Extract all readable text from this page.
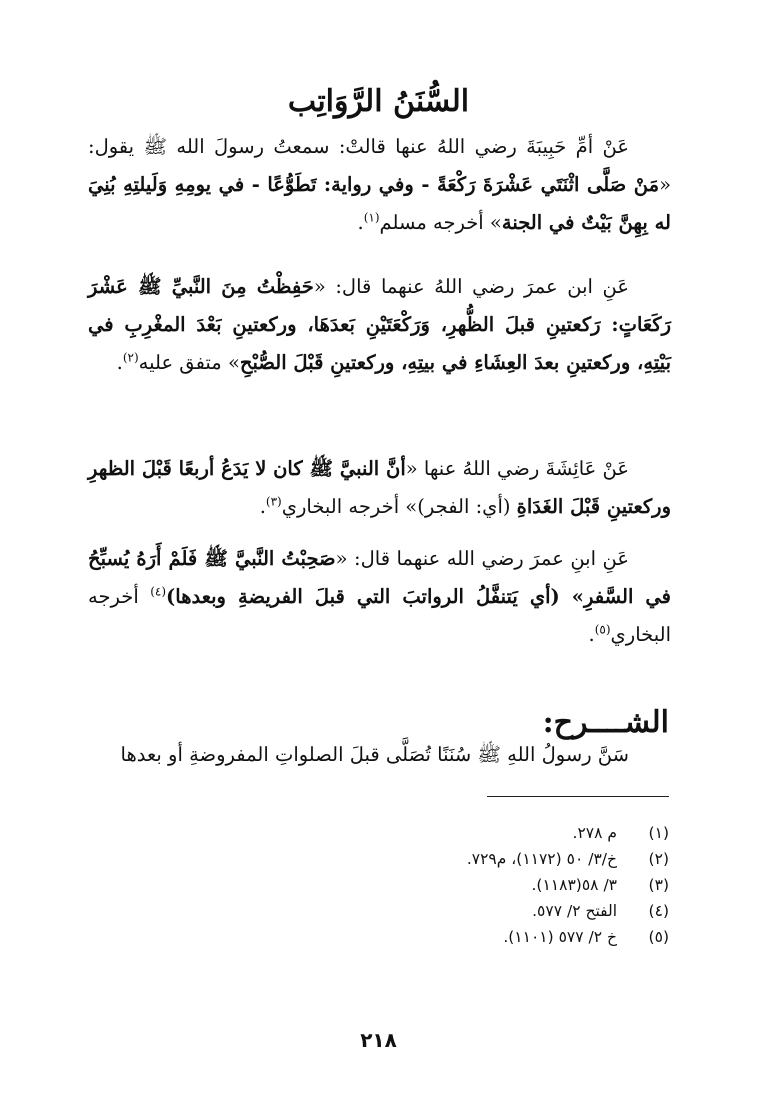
السُّنَنُ الرَّوَاتِب

عَنْ أمِّ حَبِيبَةَ رضي اللهُ عنها قالتْ: سمعتُ رسولَ الله ﷺ يقول: «مَنْ صَلَّى اثْنَتَي عَشْرَةَ رَكْعَةً - وفي رواية: تَطَوُّعًا - في يومِهِ وَلَيلتِهِ بُنِيَ له بِهِنَّ بَيْتٌ في الجنة» أخرجه مسلم$^{(١)}$.

عَنِ ابن عمرَ رضي اللهُ عنهما قال: «حَفِظْتُ مِنَ النَّبيِّ ﷺ عَشْرَ رَكَعَاتٍ: رَكعتينِ قبلَ الظُّهرِ، وَرَكْعَتَيْنِ بَعدَهَا، وركعتينِ بَعْدَ المغْرِبِ في بَيْتِهِ، وركعتينِ بعدَ العِشَاءِ في بيتِهِ، وركعتينِ قَبْلَ الصُّبْحِ» متفق عليه$^{(٢)}$.

عَنْ عَائِشَةَ رضي اللهُ عنها «أنَّ النبيَّ ﷺ كان لا يَدَعُ أربعًا قَبْلَ الظهرِ وركعتينِ قَبْلَ الغَدَاةِ (أي: الفجر)» أخرجه البخاري$^{(٣)}$.

عَنِ ابنِ عمرَ رضي الله عنهما قال: «صَحِبْتُ النَّبيَّ ﷺ فَلَمْ أَرَهُ يُسبِّحُ في السَّفرِ» (أي يَتنفَّلُ الرواتبَ التي قبلَ الفريضةِ وبعدها)$^{(٤)}$ أخرجه البخاري$^{(٥)}$.

الشــــرح:
سَنَّ رسولُ اللهِ ﷺ سُنَنًا تُصَلَّى قبلَ الصلواتِ المفروضةِ أو بعدها
(١)
م ٢٧٨.
(٢)
خ/٣/ ٥٠ (١١٧٢)، م٧٢٩.
(٣)
٣/ ٥٨(١١٨٣).
(٤)
الفتح ٢/ ٥٧٧.
(٥)
خ ٢/ ٥٧٧ (١١٠١).
٢١٨
